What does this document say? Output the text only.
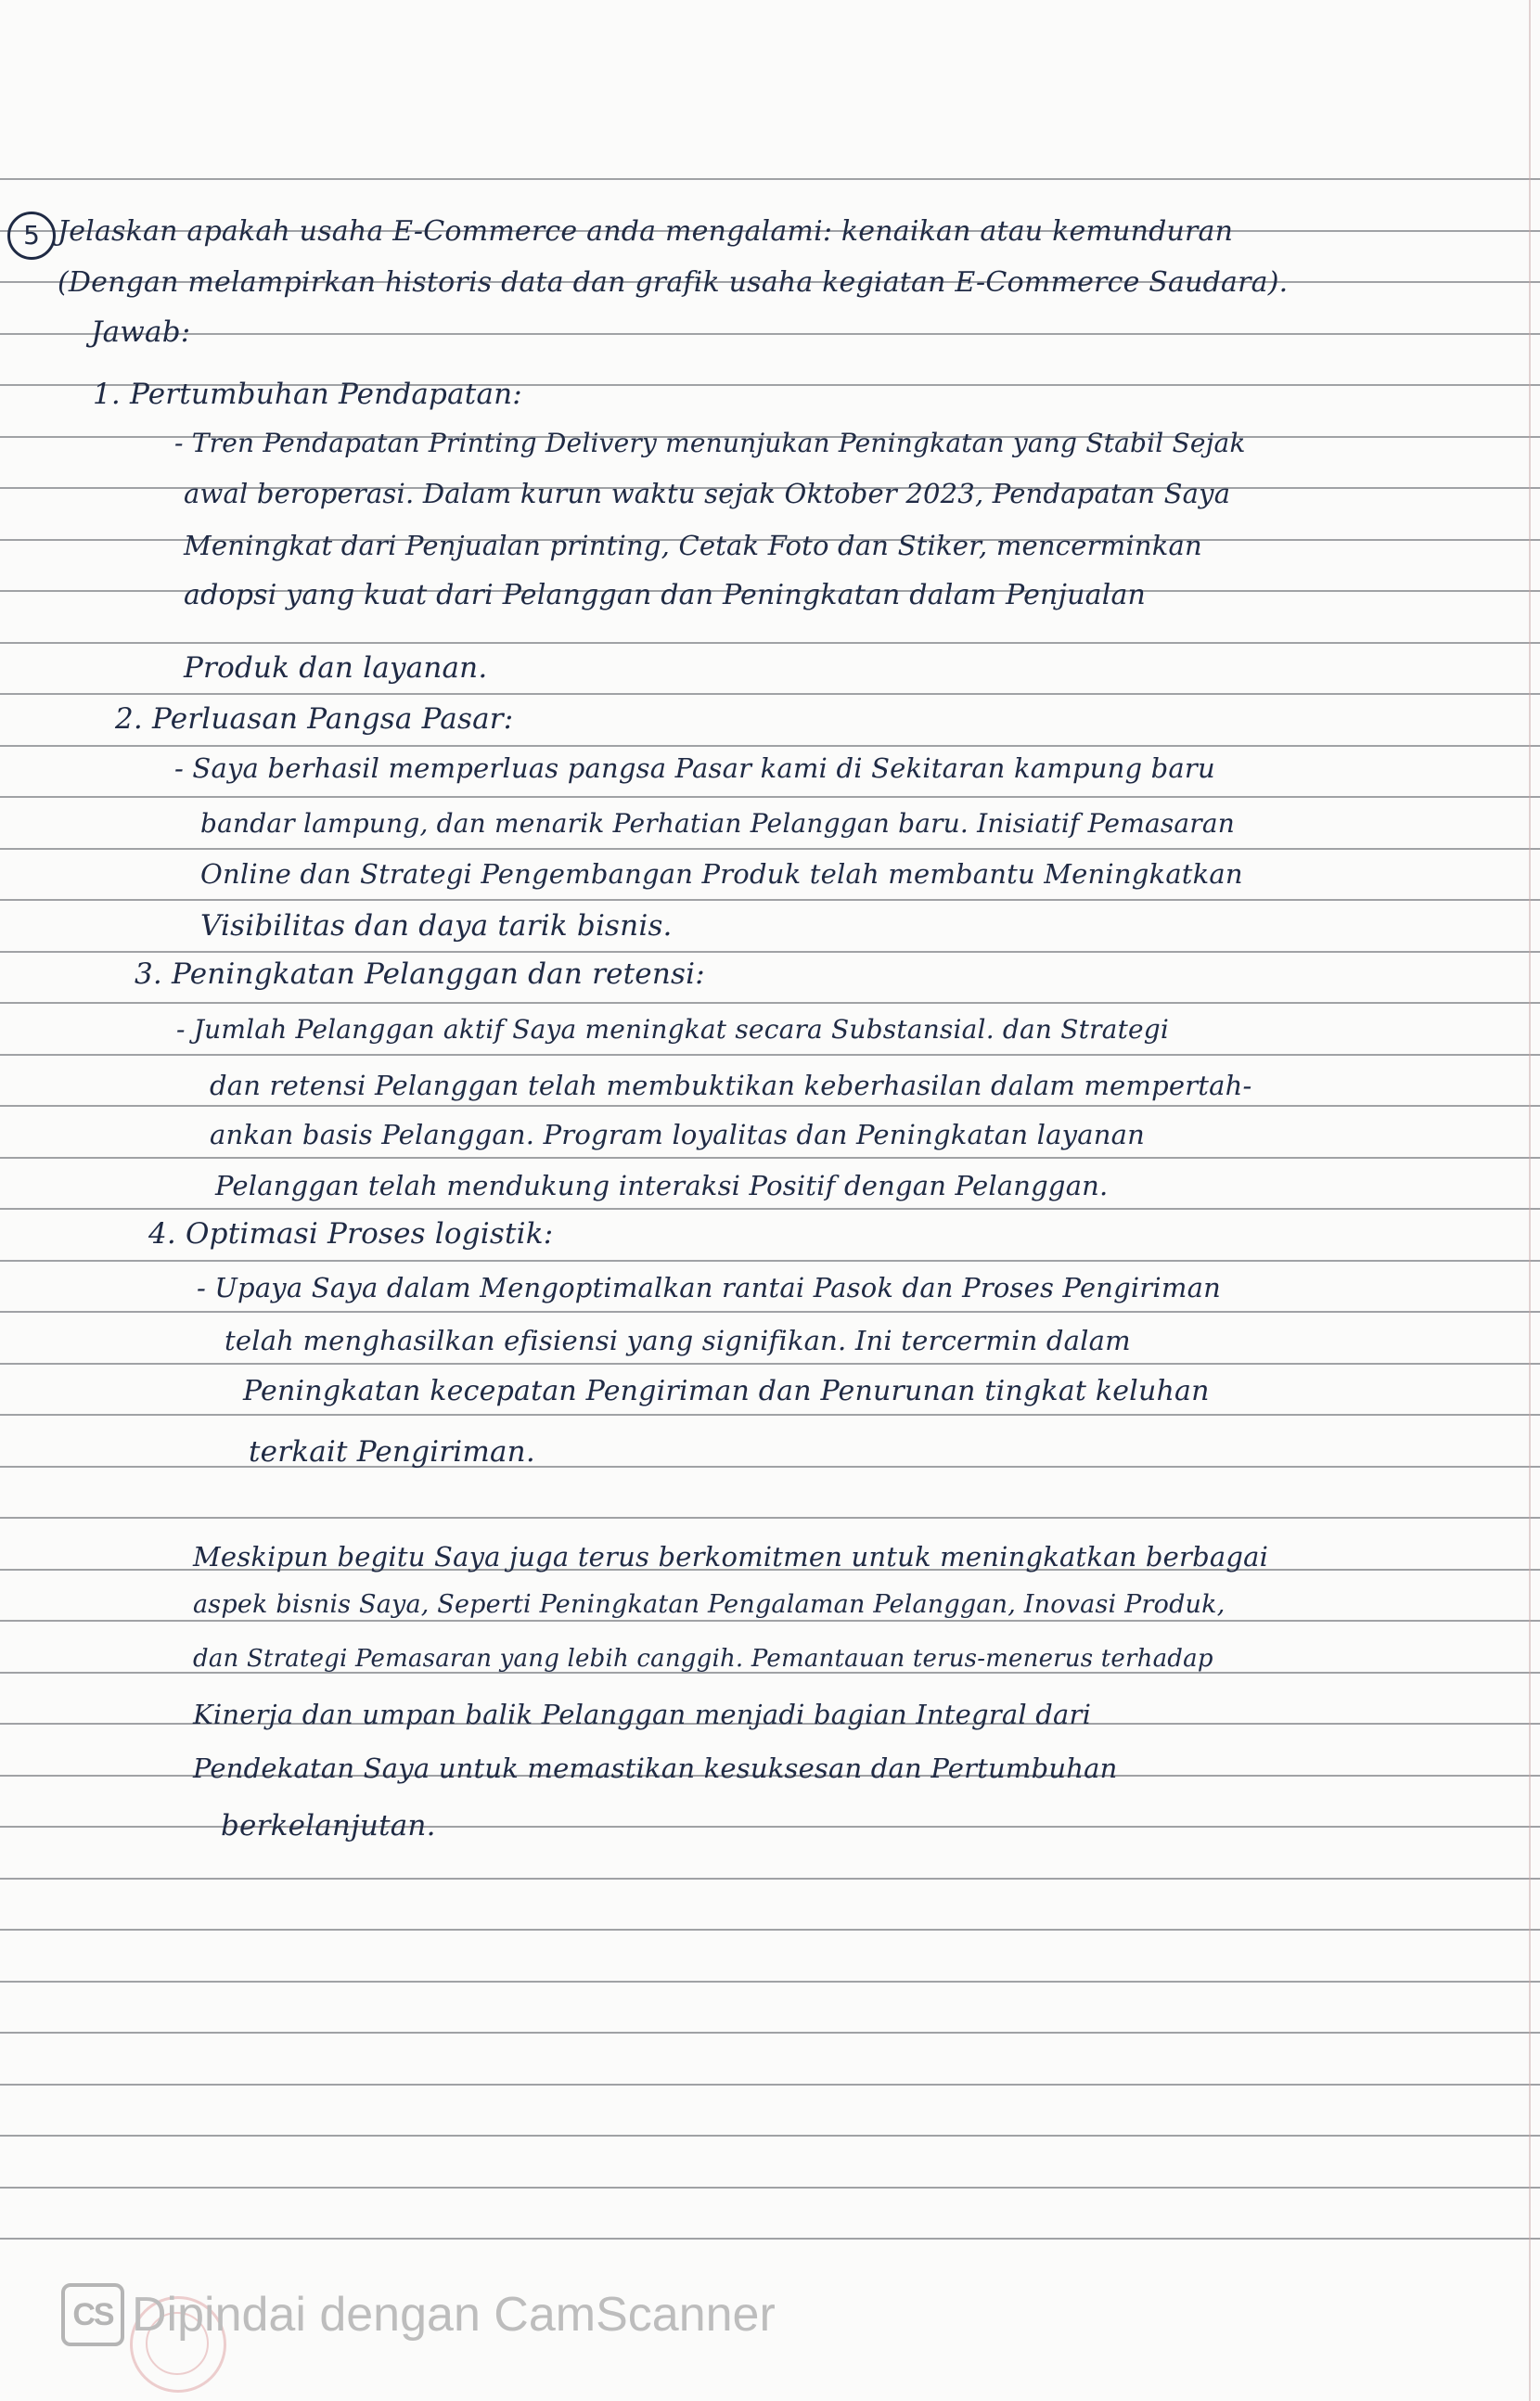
5 Jelaskan apakah usaha E-Commerce anda mengalami: kenaikan atau kemunduran
(Dengan melampirkan historis data dan grafik usaha kegiatan E-Commerce Saudara).
Jawab:
1. Pertumbuhan Pendapatan:
- Tren Pendapatan Printing Delivery menunjukan Peningkatan yang Stabil Sejak
awal beroperasi. Dalam kurun waktu sejak Oktober 2023, Pendapatan Saya
Meningkat dari Penjualan printing, Cetak Foto dan Stiker, mencerminkan
adopsi yang kuat dari Pelanggan dan Peningkatan dalam Penjualan
Produk dan layanan.
2. Perluasan Pangsa Pasar:
- Saya berhasil memperluas pangsa Pasar kami di Sekitaran kampung baru
bandar lampung, dan menarik Perhatian Pelanggan baru. Inisiatif Pemasaran
Online dan Strategi Pengembangan Produk telah membantu Meningkatkan
Visibilitas dan daya tarik bisnis.
3. Peningkatan Pelanggan dan retensi:
- Jumlah Pelanggan aktif Saya meningkat secara Substansial. dan Strategi
dan retensi Pelanggan telah membuktikan keberhasilan dalam mempertah-
ankan basis Pelanggan. Program loyalitas dan Peningkatan layanan
Pelanggan telah mendukung interaksi Positif dengan Pelanggan.
4. Optimasi Proses logistik:
- Upaya Saya dalam Mengoptimalkan rantai Pasok dan Proses Pengiriman
telah menghasilkan efisiensi yang signifikan. Ini tercermin dalam
Peningkatan kecepatan Pengiriman dan Penurunan tingkat keluhan
terkait Pengiriman.
Meskipun begitu Saya juga terus berkomitmen untuk meningkatkan berbagai
aspek bisnis Saya, Seperti Peningkatan Pengalaman Pelanggan, Inovasi Produk,
dan Strategi Pemasaran yang lebih canggih. Pemantauan terus-menerus terhadap
Kinerja dan umpan balik Pelanggan menjadi bagian Integral dari
Pendekatan Saya untuk memastikan kesuksesan dan Pertumbuhan
berkelanjutan.
CS Dipindai dengan CamScanner
